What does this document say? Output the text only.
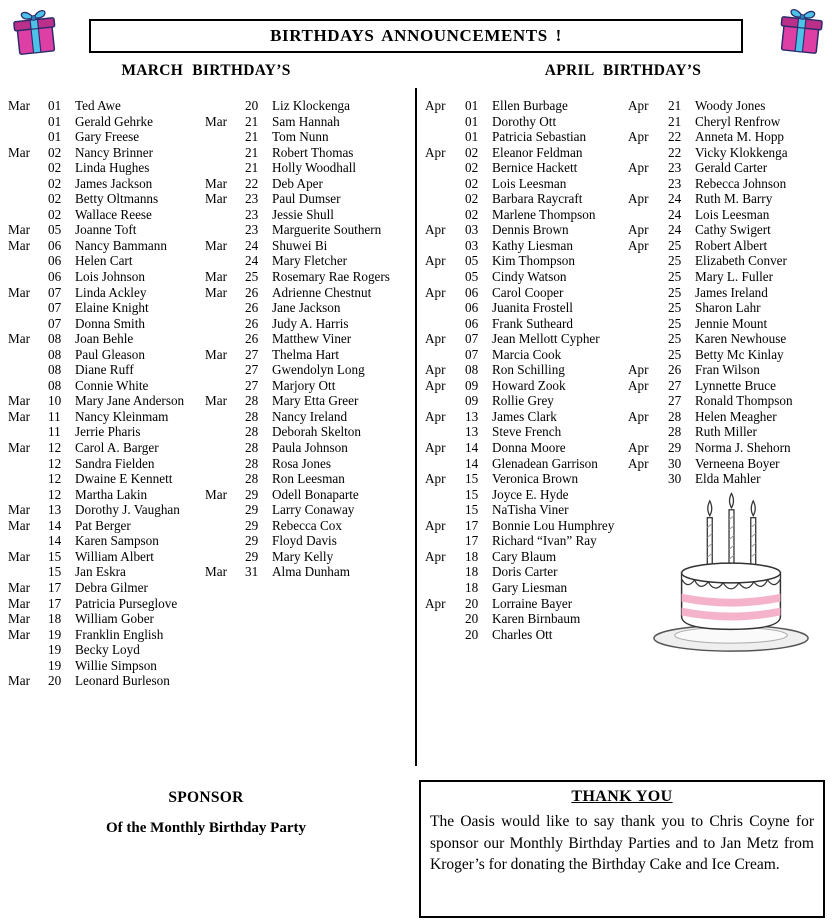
BIRTHDAYS ANNOUNCEMENTS !
MARCH BIRTHDAY’S	APRIL BIRTHDAY’S
Mar	01	Ted Awe
01	Gerald Gehrke
01	Gary Freese
Mar	02	Nancy Brinner
02	Linda Hughes
02	James Jackson
02	Betty Oltmanns
02	Wallace Reese
Mar	05	Joanne Toft
Mar	06	Nancy Bammann
06	Helen Cart
06	Lois Johnson
Mar	07	Linda Ackley
07	Elaine Knight
07	Donna Smith
Mar	08	Joan Behle
08	Paul Gleason
08	Diane Ruff
08	Connie White
Mar	10	Mary Jane Anderson
Mar	11	Nancy Kleinmam
11	Jerrie Pharis
Mar	12	Carol A. Barger
12	Sandra Fielden
12	Dwaine E Kennett
12	Martha Lakin
Mar	13	Dorothy J. Vaughan
Mar	14	Pat Berger
14	Karen Sampson
Mar	15	William Albert
15	Jan Eskra
Mar	17	Debra Gilmer
Mar	17	Patricia Purseglove
Mar	18	William Gober
Mar	19	Franklin English
19	Becky Loyd
19	Willie Simpson
Mar	20	Leonard Burleson
20	Liz Klockenga
Mar	21	Sam Hannah
21	Tom Nunn
21	Robert Thomas
21	Holly Woodhall
Mar	22	Deb Aper
Mar	23	Paul Dumser
23	Jessie Shull
23	Marguerite Southern
Mar	24	Shuwei Bi
24	Mary Fletcher
Mar	25	Rosemary Rae Rogers
Mar	26	Adrienne Chestnut
26	Jane Jackson
26	Judy A. Harris
26	Matthew Viner
Mar	27	Thelma Hart
27	Gwendolyn Long
27	Marjory Ott
Mar	28	Mary Etta Greer
28	Nancy Ireland
28	Deborah Skelton
28	Paula Johnson
28	Rosa Jones
28	Ron Leesman
Mar	29	Odell Bonaparte
29	Larry Conaway
29	Rebecca Cox
29	Floyd Davis
29	Mary Kelly
Mar	31	Alma Dunham
Apr	01	Ellen Burbage
01	Dorothy Ott
01	Patricia Sebastian
Apr	02	Eleanor Feldman
02	Bernice Hackett
02	Lois Leesman
02	Barbara Raycraft
02	Marlene Thompson
Apr	03	Dennis Brown
03	Kathy Liesman
Apr	05	Kim Thompson
05	Cindy Watson
Apr	06	Carol Cooper
06	Juanita Frostell
06	Frank Sutheard
Apr	07	Jean Mellott Cypher
07	Marcia Cook
Apr	08	Ron Schilling
Apr	09	Howard Zook
09	Rollie Grey
Apr	13	James Clark
13	Steve French
Apr	14	Donna Moore
14	Glenadean Garrison
Apr	15	Veronica Brown
15	Joyce E. Hyde
15	NaTisha Viner
Apr	17	Bonnie Lou Humphrey
17	Richard “Ivan” Ray
Apr	18	Cary Blaum
18	Doris Carter
18	Gary Liesman
Apr	20	Lorraine Bayer
20	Karen Birnbaum
20	Charles Ott
Apr	21	Woody Jones
21	Cheryl Renfrow
Apr	22	Anneta M. Hopp
22	Vicky Klokkenga
Apr	23	Gerald Carter
23	Rebecca Johnson
Apr	24	Ruth M. Barry
24	Lois Leesman
Apr	24	Cathy Swigert
Apr	25	Robert Albert
25	Elizabeth Conver
25	Mary L. Fuller
25	James Ireland
25	Sharon Lahr
25	Jennie Mount
25	Karen Newhouse
25	Betty Mc Kinlay
Apr	26	Fran Wilson
Apr	27	Lynnette Bruce
27	Ronald Thompson
Apr	28	Helen Meagher
28	Ruth Miller
Apr	29	Norma J. Shehorn
Apr	30	Verneena Boyer
30	Elda Mahler
SPONSOR
Of the Monthly Birthday Party
THANK YOU

The Oasis would like to say thank you to Chris Coyne for sponsor our Monthly Birthday Parties and to Jan Metz from Kroger’s for donating the Birthday Cake and Ice Cream.
